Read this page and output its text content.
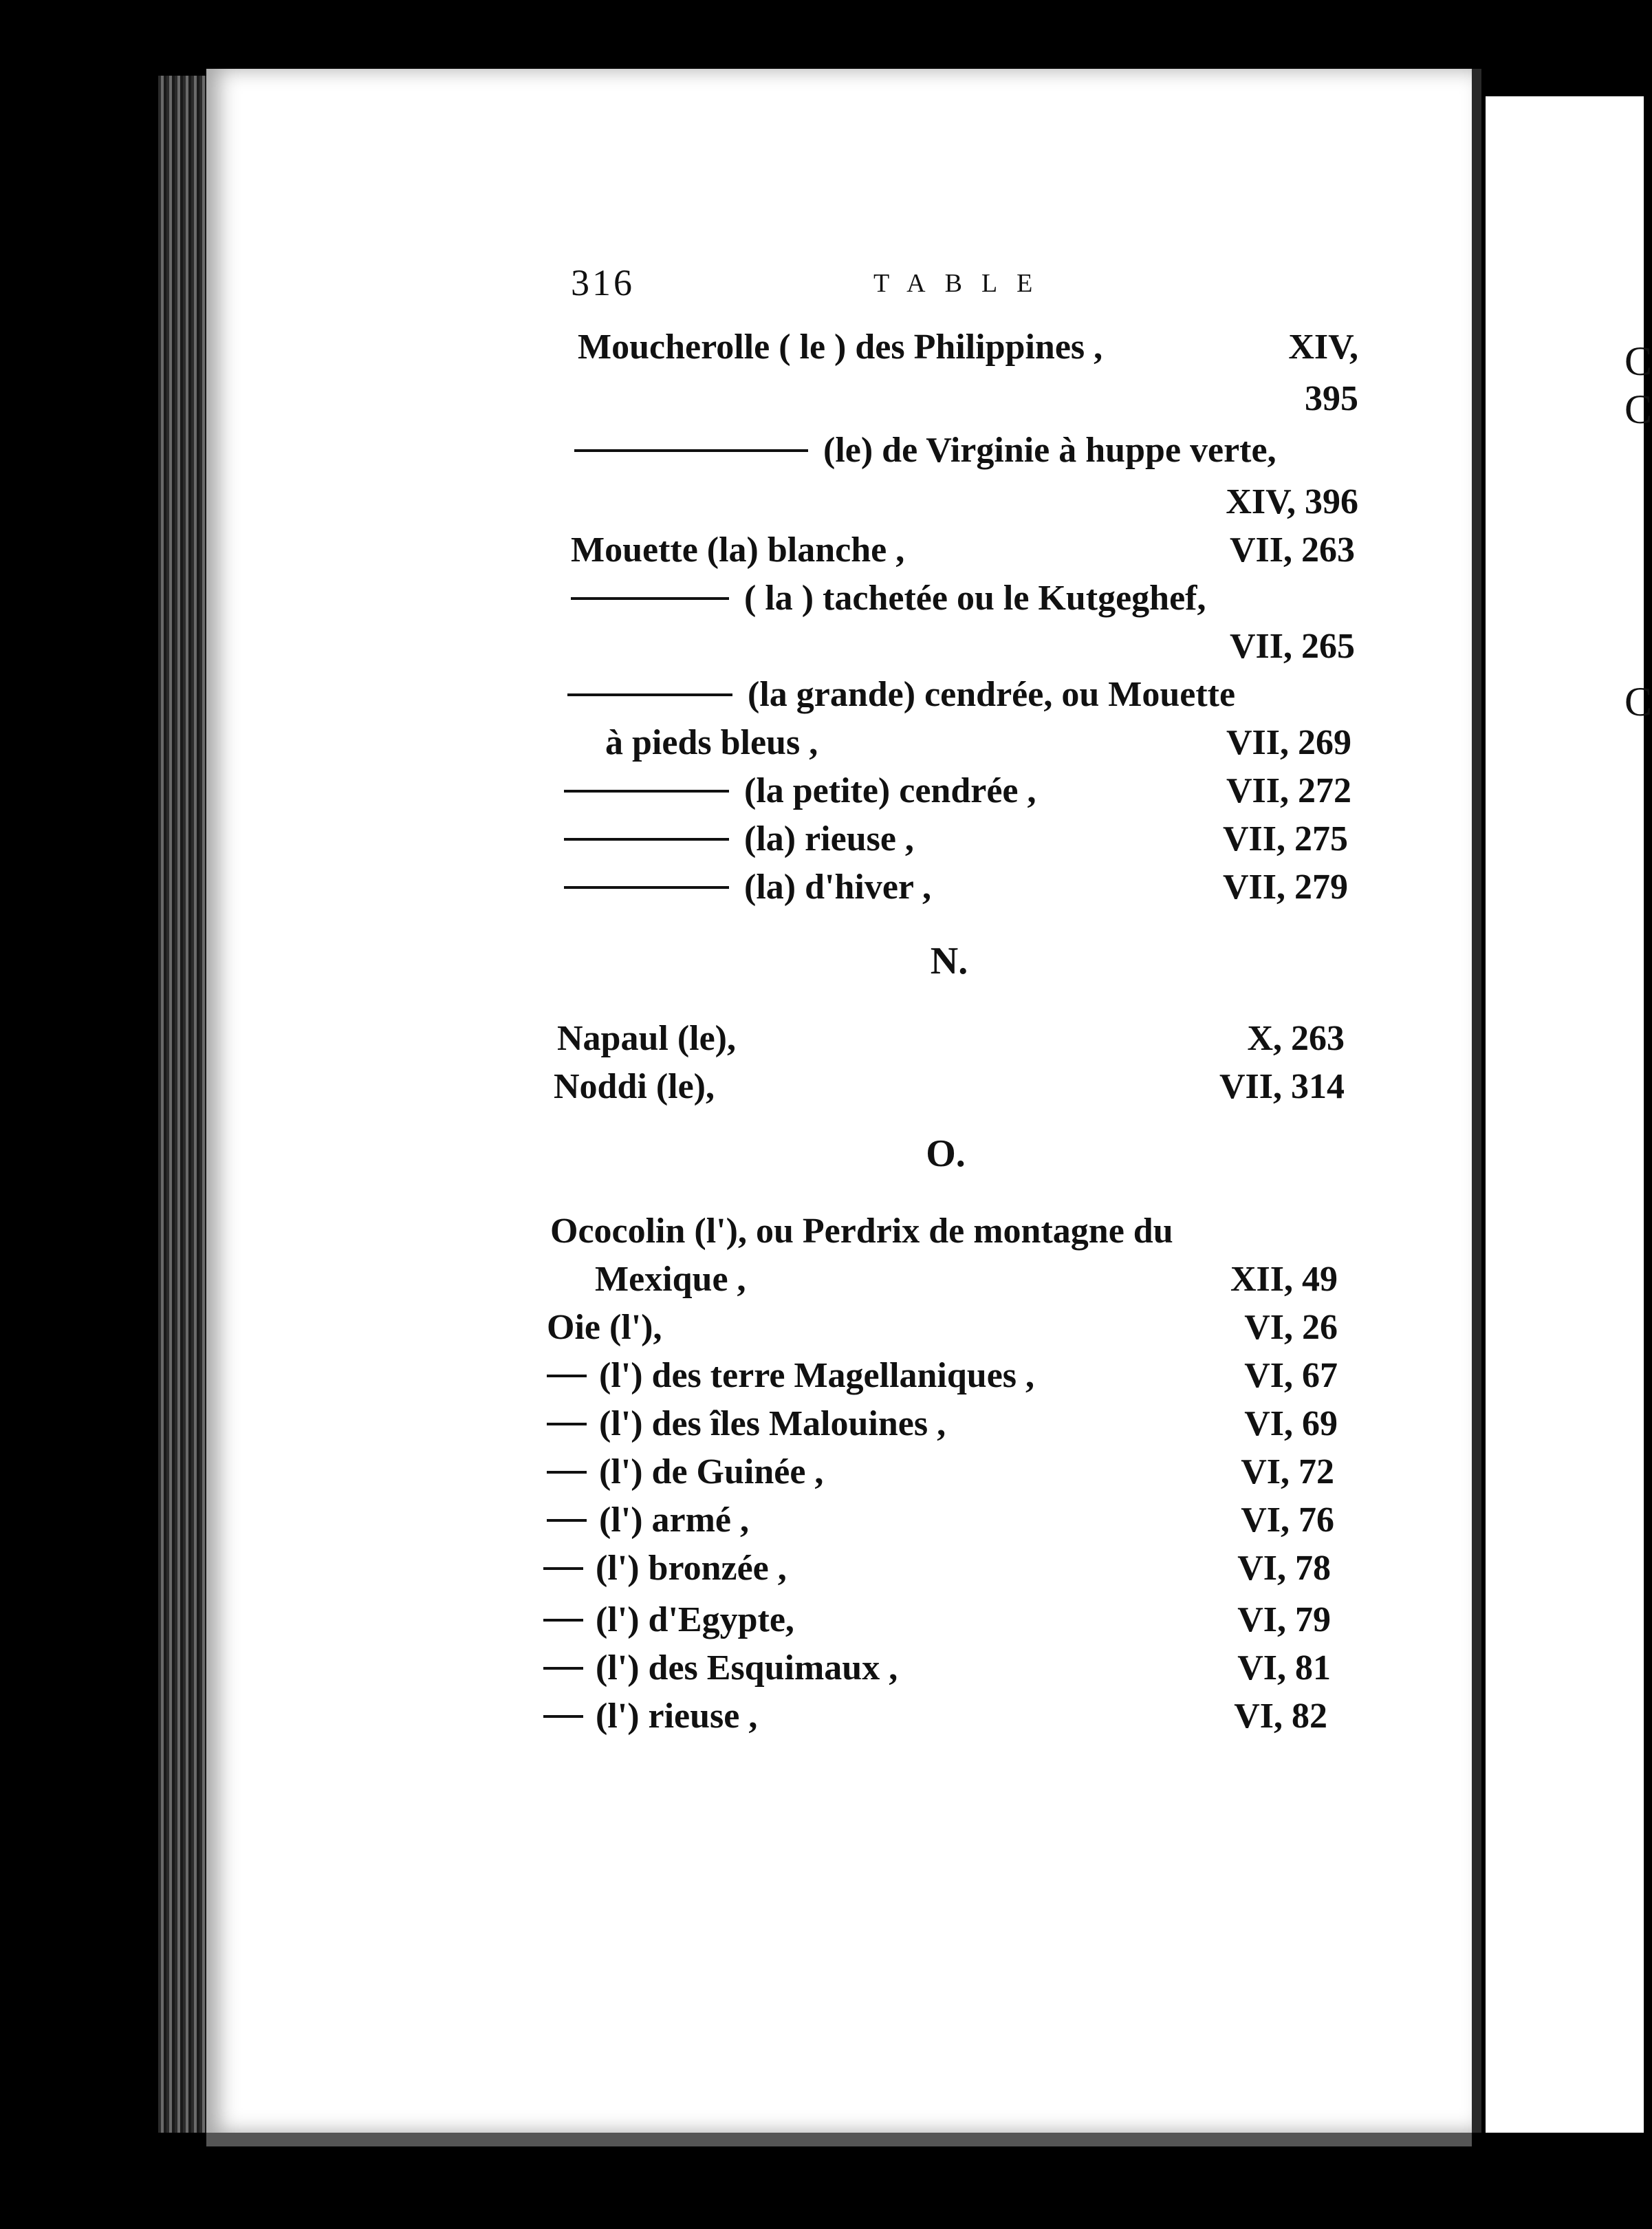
C
C
C
316	TABLE
Moucherolle ( le ) des Philippines ,	XIV,
395
(le) de Virginie à huppe verte,
XIV, 396
Mouette (la) blanche ,	VII, 263
( la ) tachetée ou le Kutgeghef,
VII, 265
(la grande) cendrée, ou Mouette
à pieds bleus ,	VII, 269
(la petite) cendrée ,	VII, 272
(la) rieuse ,	VII, 275
(la) d'hiver ,	VII, 279
N.
Napaul (le),	X, 263
Noddi (le),	VII, 314
O.
Ococolin (l'), ou Perdrix de montagne du
Mexique ,	XII, 49
Oie (l'),	VI, 26
(l') des terre Magellaniques ,	VI, 67
(l') des îles Malouines ,	VI, 69
(l') de Guinée ,	VI, 72
(l') armé ,	VI, 76
(l') bronzée ,	VI, 78
(l') d'Egypte,	VI, 79
(l') des Esquimaux ,	VI, 81
(l') rieuse ,	VI, 82
